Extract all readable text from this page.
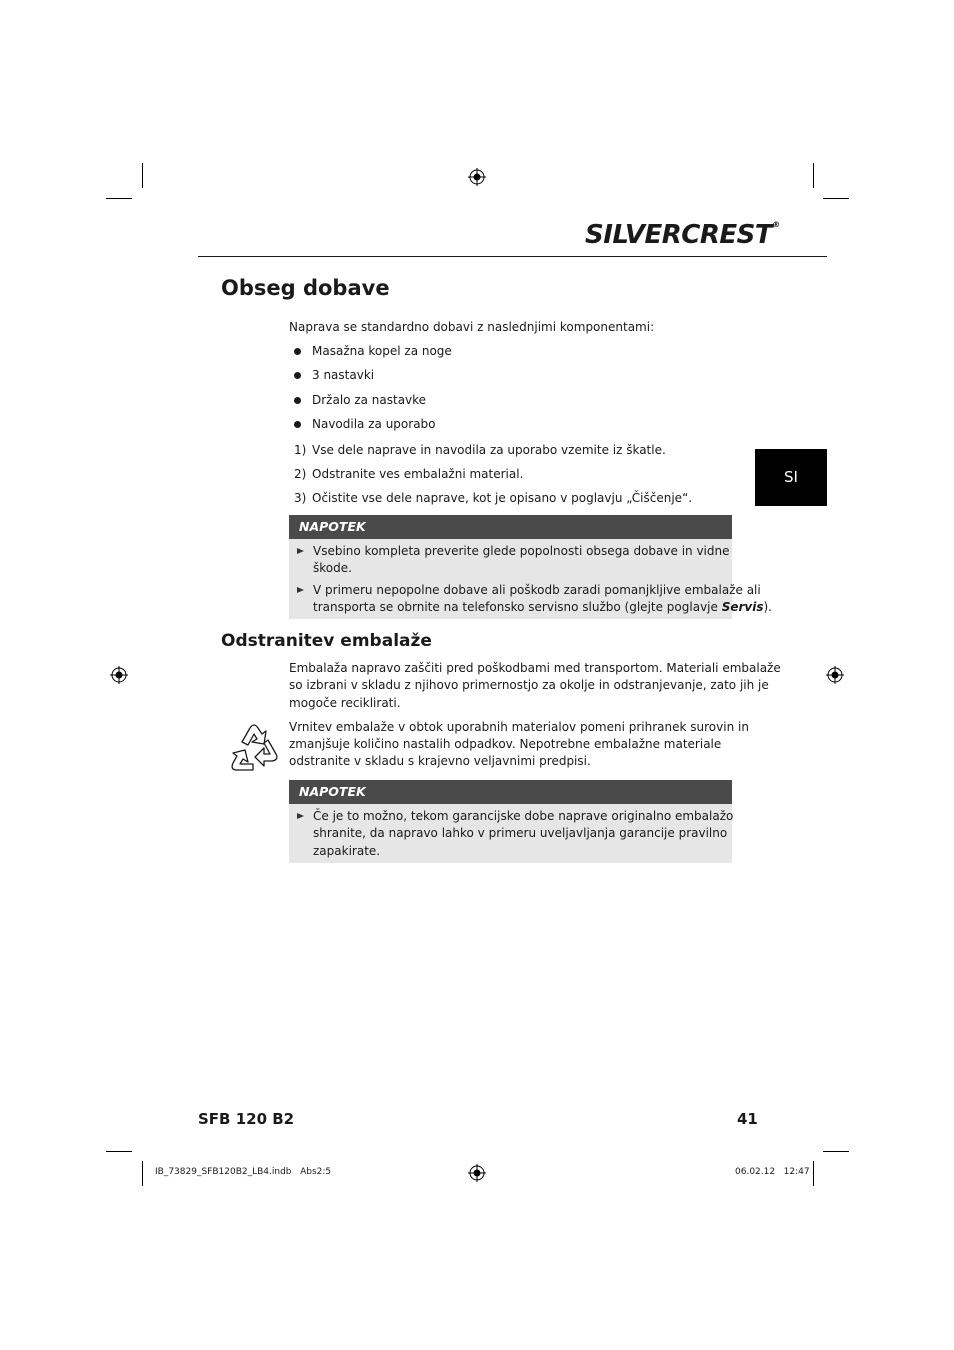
SILVERCREST®
Obseg dobave
Naprava se standardno dobavi z naslednjimi komponentami:
Masažna kopel za noge
3 nastavki
Držalo za nastavke
Navodila za uporabo
1) Vse dele naprave in navodila za uporabo vzemite iz škatle.
2) Odstranite ves embalažni material.
3) Očistite vse dele naprave, kot je opisano v poglavju „Čiščenje“.
NAPOTEK
Vsebino kompleta preverite glede popolnosti obsega dobave in vidne
škode.
V primeru nepopolne dobave ali poškodb zaradi pomanjkljive embalaže ali
transporta se obrnite na telefonsko servisno službo (glejte poglavje Servis).
SI
Odstranitev embalaže
Embalaža napravo zaščiti pred poškodbami med transportom. Materiali embalaže
so izbrani v skladu z njihovo primernostjo za okolje in odstranjevanje, zato jih je
mogoče reciklirati.
Vrnitev embalaže v obtok uporabnih materialov pomeni prihranek surovin in
zmanjšuje količino nastalih odpadkov. Nepotrebne embalažne materiale
odstranite v skladu s krajevno veljavnimi predpisi.
NAPOTEK
Če je to možno, tekom garancijske dobe naprave originalno embalažo
shranite, da napravo lahko v primeru uveljavljanja garancije pravilno
zapakirate.
SFB 120 B2	41
IB_73829_SFB120B2_LB4.indb   Abs2:5	06.02.12   12:47
